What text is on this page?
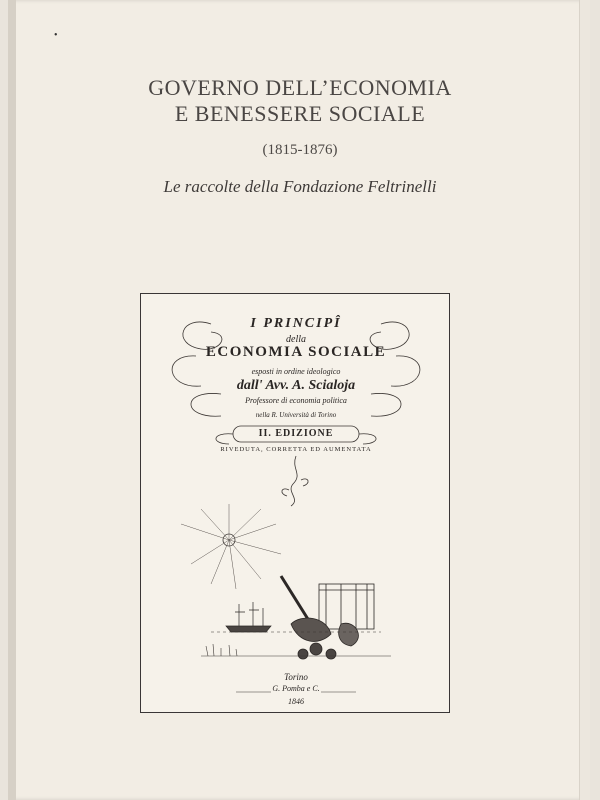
•
GOVERNO DELL’ECONOMIA
E BENESSERE SOCIALE
(1815-1876)
Le raccolte della Fondazione Feltrinelli
I PRINCIPÎ
della
ECONOMIA SOCIALE
esposti in ordine ideologico
dall' Avv. A. Scialoja
Professore di economia politica
nella R. Università di Torino
II. EDIZIONE
RIVEDUTA, CORRETTA ED AUMENTATA
Torino
G. Pomba e C.
1846
